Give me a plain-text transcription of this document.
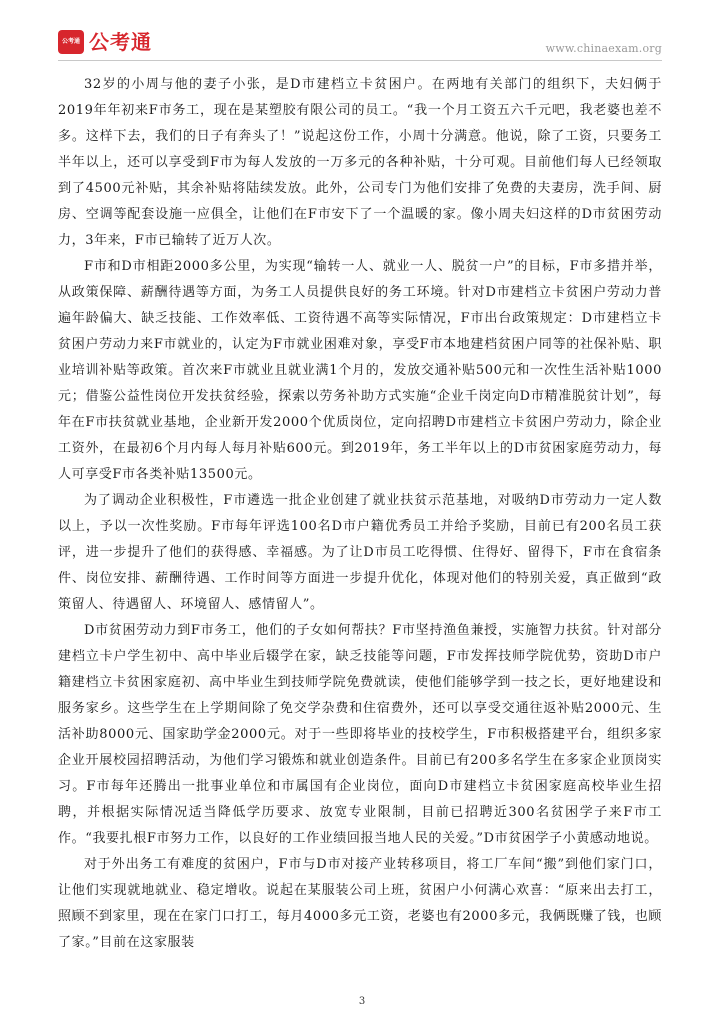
公考通 公考通	www.chinaexam.org

32岁的小周与他的妻子小张，是D市建档立卡贫困户。在两地有关部门的组织下，夫妇俩于2019年年初来F市务工，现在是某塑胶有限公司的员工。“我一个月工资五六千元吧，我老婆也差不多。这样下去，我们的日子有奔头了！”说起这份工作，小周十分满意。他说，除了工资，只要务工半年以上，还可以享受到F市为每人发放的一万多元的各种补贴，十分可观。目前他们每人已经领取到了4500元补贴，其余补贴将陆续发放。此外，公司专门为他们安排了免费的夫妻房，洗手间、厨房、空调等配套设施一应俱全，让他们在F市安下了一个温暖的家。像小周夫妇这样的D市贫困劳动力，3年来，F市已输转了近万人次。

F市和D市相距2000多公里，为实现“输转一人、就业一人、脱贫一户”的目标，F市多措并举，从政策保障、薪酬待遇等方面，为务工人员提供良好的务工环境。针对D市建档立卡贫困户劳动力普遍年龄偏大、缺乏技能、工作效率低、工资待遇不高等实际情况，F市出台政策规定：D市建档立卡贫困户劳动力来F市就业的，认定为F市就业困难对象，享受F市本地建档贫困户同等的社保补贴、职业培训补贴等政策。首次来F市就业且就业满1个月的，发放交通补贴500元和一次性生活补贴1000元；借鉴公益性岗位开发扶贫经验，探索以劳务补助方式实施“企业千岗定向D市精准脱贫计划”，每年在F市扶贫就业基地，企业新开发2000个优质岗位，定向招聘D市建档立卡贫困户劳动力，除企业工资外，在最初6个月内每人每月补贴600元。到2019年，务工半年以上的D市贫困家庭劳动力，每人可享受F市各类补贴13500元。

为了调动企业积极性，F市遴选一批企业创建了就业扶贫示范基地，对吸纳D市劳动力一定人数以上，予以一次性奖励。F市每年评选100名D市户籍优秀员工并给予奖励，目前已有200名员工获评，进一步提升了他们的获得感、幸福感。为了让D市员工吃得惯、住得好、留得下，F市在食宿条件、岗位安排、薪酬待遇、工作时间等方面进一步提升优化，体现对他们的特别关爱，真正做到“政策留人、待遇留人、环境留人、感情留人”。

D市贫困劳动力到F市务工，他们的子女如何帮扶？F市坚持渔鱼兼授，实施智力扶贫。针对部分建档立卡户学生初中、高中毕业后辍学在家，缺乏技能等问题，F市发挥技师学院优势，资助D市户籍建档立卡贫困家庭初、高中毕业生到技师学院免费就读，使他们能够学到一技之长，更好地建设和服务家乡。这些学生在上学期间除了免交学杂费和住宿费外，还可以享受交通往返补贴2000元、生活补助8000元、国家助学金2000元。对于一些即将毕业的技校学生，F市积极搭建平台，组织多家企业开展校园招聘活动，为他们学习锻炼和就业创造条件。目前已有200多名学生在多家企业顶岗实习。F市每年还腾出一批事业单位和市属国有企业岗位，面向D市建档立卡贫困家庭高校毕业生招聘，并根据实际情况适当降低学历要求、放宽专业限制，目前已招聘近300名贫困学子来F市工作。“我要扎根F市努力工作，以良好的工作业绩回报当地人民的关爱。”D市贫困学子小黄感动地说。

对于外出务工有难度的贫困户，F市与D市对接产业转移项目，将工厂车间“搬”到他们家门口，让他们实现就地就业、稳定增收。说起在某服装公司上班，贫困户小何满心欢喜：“原来出去打工，照顾不到家里，现在在家门口打工，每月4000多元工资，老婆也有2000多元，我俩既赚了钱，也顾了家。”目前在这家服装

3
